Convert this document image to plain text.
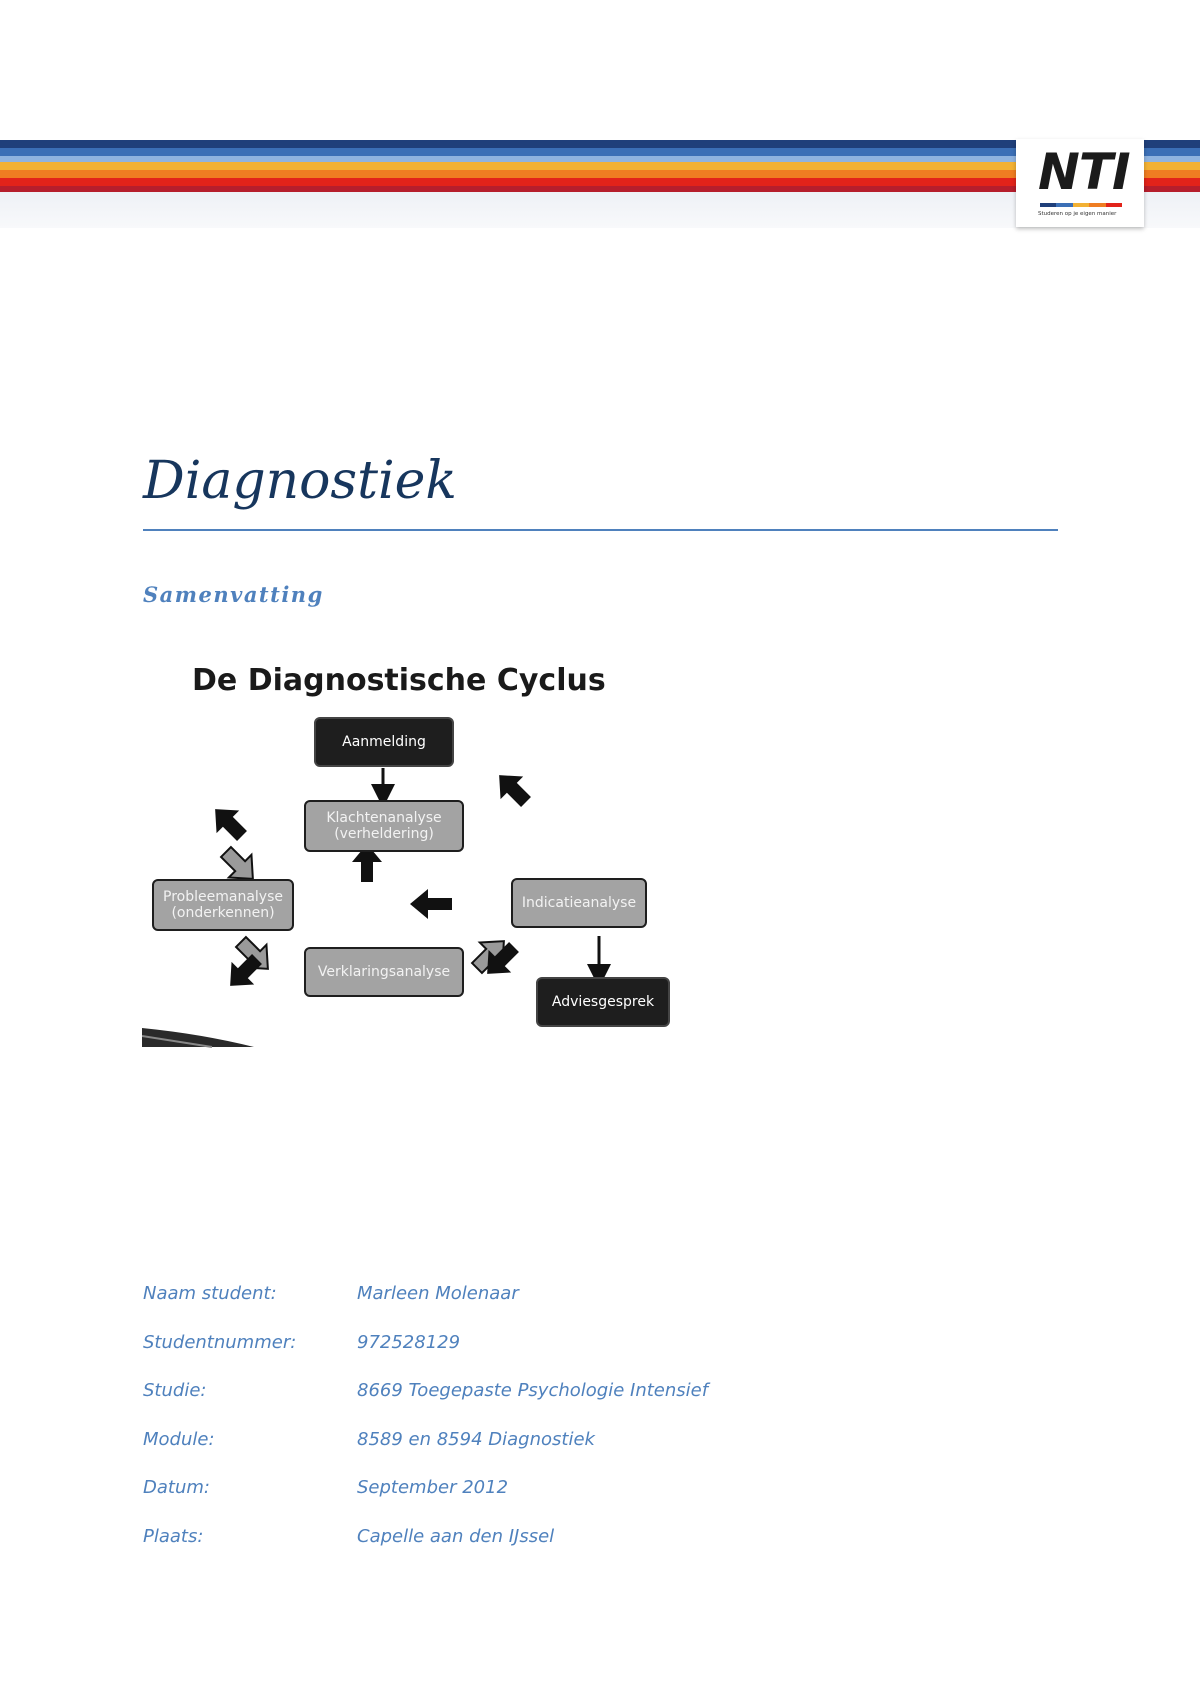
NTI
Studeren op je eigen manier
Diagnostiek
Samenvatting
De Diagnostische Cyclus
Aanmelding
Klachtenanalyse
(verheldering)
Probleemanalyse
(onderkennen)
Indicatieanalyse
Verklaringsanalyse
Adviesgesprek
Naam student:	Marleen Molenaar
Studentnummer:	972528129
Studie:	8669 Toegepaste Psychologie Intensief
Module:	8589 en 8594 Diagnostiek
Datum:	September 2012
Plaats:	Capelle aan den IJssel
